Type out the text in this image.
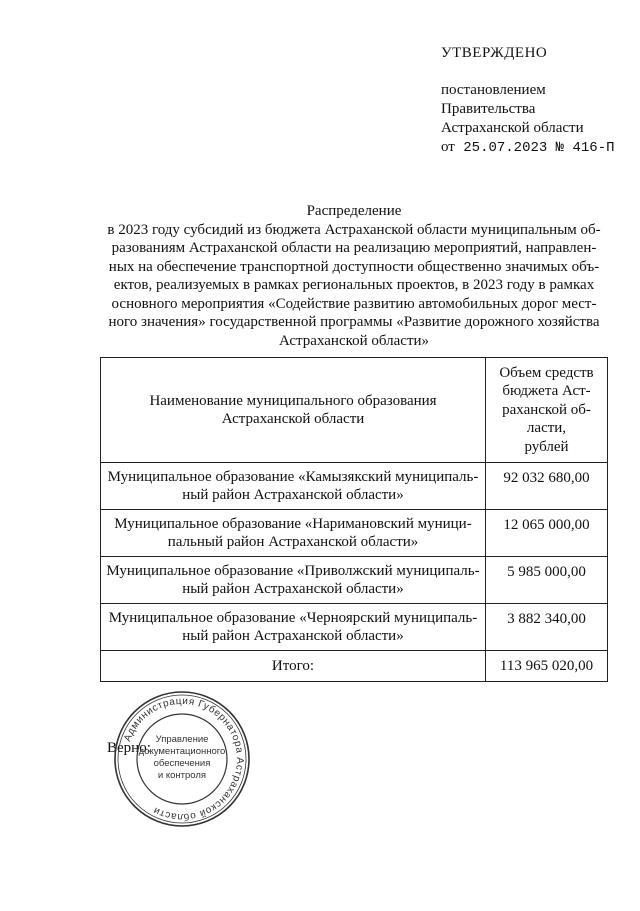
УТВЕРЖДЕНО
постановлением
Правительства
Астраханской области
от 25.07.2023 № 416-П
Распределение
в 2023 году субсидий из бюджета Астраханской области муниципальным об-
разованиям Астраханской области на реализацию мероприятий, направлен-
ных на обеспечение транспортной доступности общественно значимых объ-
ектов, реализуемых в рамках региональных проектов, в 2023 году в рамках
основного мероприятия «Содействие развитию автомобильных дорог мест-
ного значения» государственной программы «Развитие дорожного хозяйства
Астраханской области»
Наименование муниципального образования
Астраханской области	Объем средств
бюджета Аст-
раханской об-
ласти,
рублей

Муниципальное образование «Камызякский муниципаль-
ный район Астраханской области»	92 032 680,00

Муниципальное образование «Наримановский муници-
пальный район Астраханской области»	12 065 000,00

Муниципальное образование «Приволжский муниципаль-
ный район Астраханской области»	5 985 000,00

Муниципальное образование «Черноярский муниципаль-
ный район Астраханской области»	3 882 340,00
Итого:	113 965 020,00
Верно:
Администрация Губернатора Астраханской области
Управление
документационного
обеспечения
и контроля
